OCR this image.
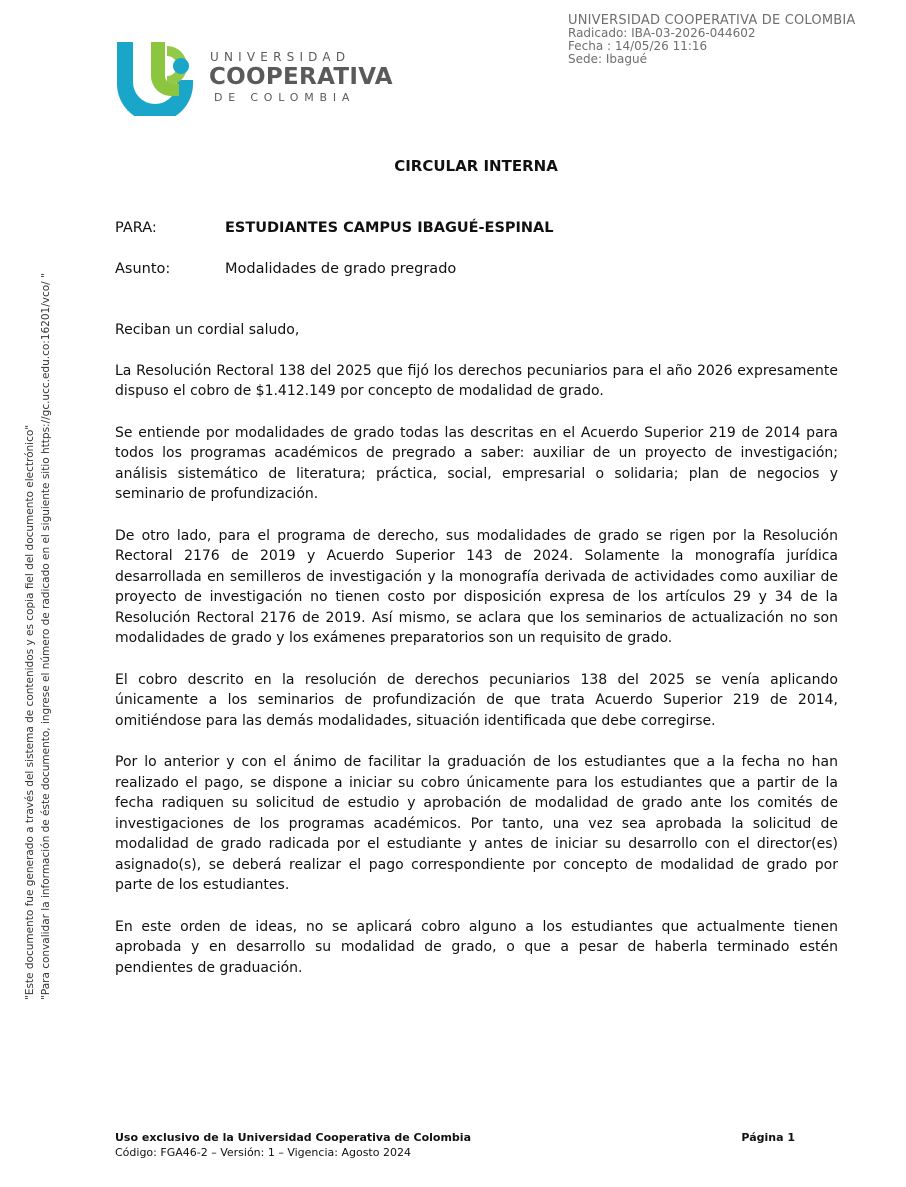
UNIVERSIDAD COOPERATIVA DE COLOMBIA
Radicado: IBA-03-2026-044602
Fecha : 14/05/26 11:16
Sede: Ibagué
UNIVERSIDAD
COOPERATIVA
DE COLOMBIA
"Este documento fue generado a través del sistema de contenidos y es copia fiel del documento electrónico" "Para convalidar la información de éste documento, ingrese el número de radicado en el siguiente sitio https://gc.ucc.edu.co:16201/vco/ "
CIRCULAR INTERNA
PARA:	ESTUDIANTES CAMPUS IBAGUÉ-ESPINAL
Asunto:	Modalidades de grado pregrado

Reciban un cordial saludo,

La Resolución Rectoral 138 del 2025 que fijó los derechos pecuniarios para el año 2026 expresamente dispuso el cobro de $1.412.149 por concepto de modalidad de grado.

Se entiende por modalidades de grado todas las descritas en el Acuerdo Superior 219 de 2014 para todos los programas académicos de pregrado a saber: auxiliar de un proyecto de investigación; análisis sistemático de literatura; práctica, social, empresarial o solidaria; plan de negocios y seminario de profundización.

De otro lado, para el programa de derecho, sus modalidades de grado se rigen por la Resolución Rectoral 2176 de 2019 y Acuerdo Superior 143 de 2024. Solamente la monografía jurídica desarrollada en semilleros de investigación y la monografía derivada de actividades como auxiliar de proyecto de investigación no tienen costo por disposición expresa de los artículos 29 y 34 de la Resolución Rectoral 2176 de 2019. Así mismo, se aclara que los seminarios de actualización no son modalidades de grado y los exámenes preparatorios son un requisito de grado.

El cobro descrito en la resolución de derechos pecuniarios 138 del 2025 se venía aplicando únicamente a los seminarios de profundización de que trata Acuerdo Superior 219 de 2014, omitiéndose para las demás modalidades, situación identificada que debe corregirse.

Por lo anterior y con el ánimo de facilitar la graduación de los estudiantes que a la fecha no han realizado el pago, se dispone a iniciar su cobro únicamente para los estudiantes que a partir de la fecha radiquen su solicitud de estudio y aprobación de modalidad de grado ante los comités de investigaciones de los programas académicos. Por tanto, una vez sea aprobada la solicitud de modalidad de grado radicada por el estudiante y antes de iniciar su desarrollo con el director(es) asignado(s), se deberá realizar el pago correspondiente por concepto de modalidad de grado por parte de los estudiantes.

En este orden de ideas, no se aplicará cobro alguno a los estudiantes que actualmente tienen aprobada y en desarrollo su modalidad de grado, o que a pesar de haberla terminado estén pendientes de graduación.

Uso exclusivo de la Universidad Cooperativa de Colombia
Código: FGA46-2 – Versión: 1 – Vigencia: Agosto 2024
Página 1
